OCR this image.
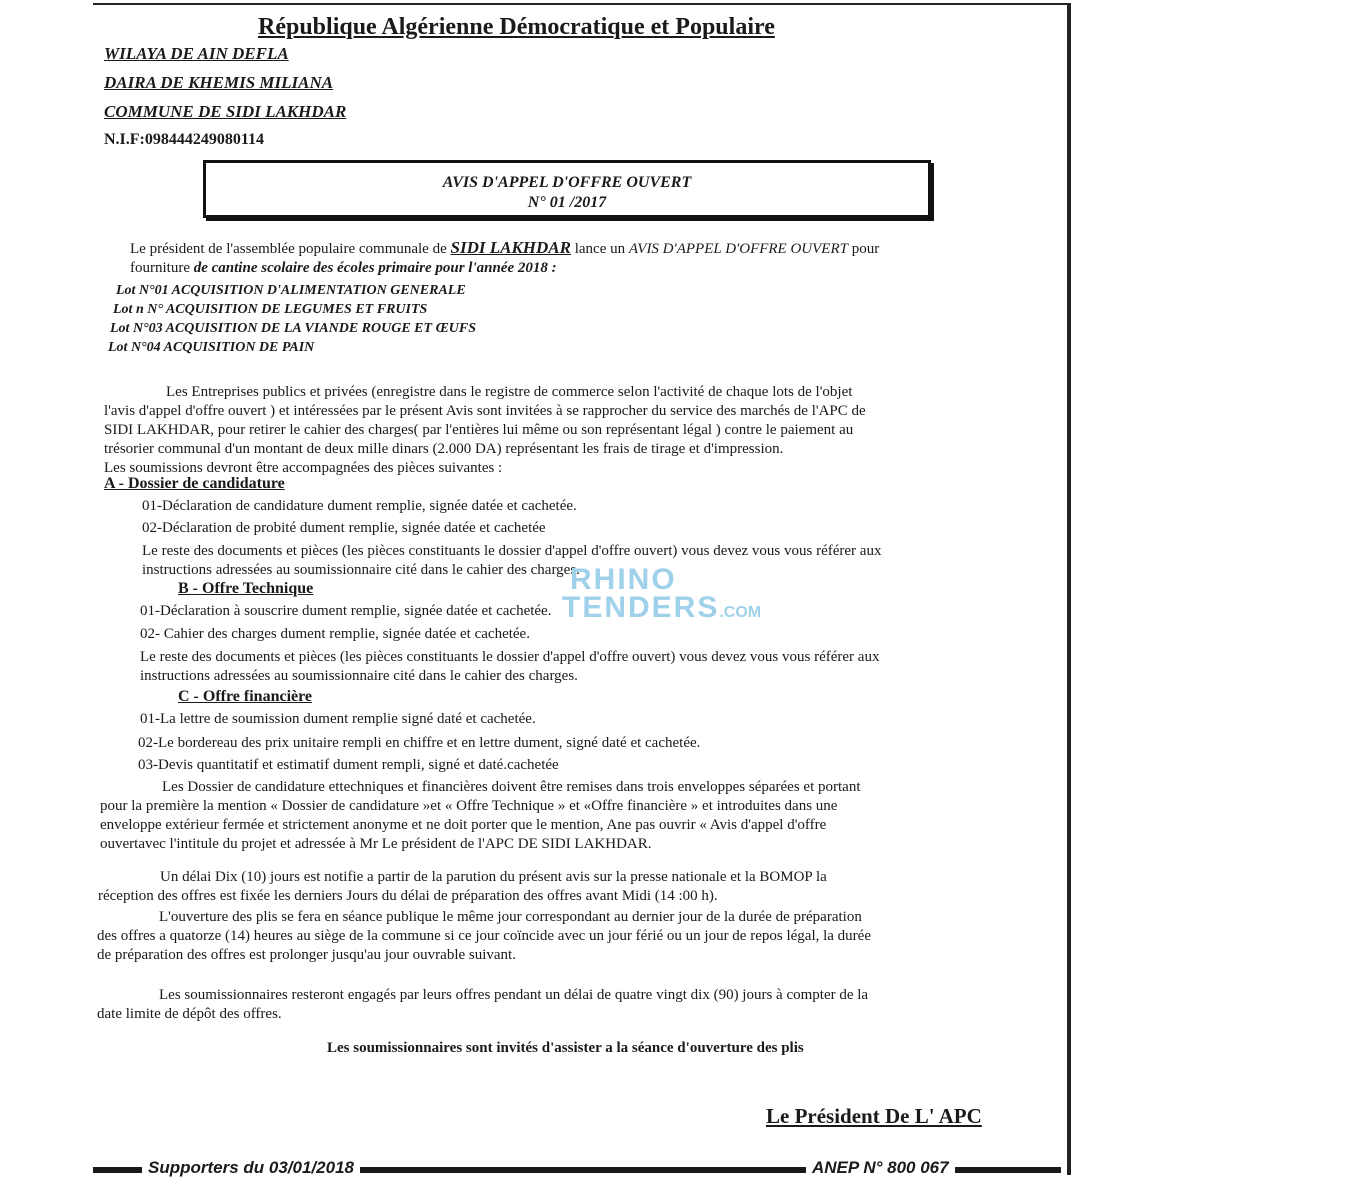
République Algérienne Démocratique et Populaire
WILAYA DE AIN DEFLA
DAIRA DE KHEMIS MILIANA
COMMUNE DE SIDI LAKHDAR
N.I.F:098444249080114
AVIS D'APPEL D'OFFRE OUVERT
N° 01 /2017
Le président de l'assemblée populaire communale de SIDI LAKHDAR lance un AVIS D'APPEL D'OFFRE OUVERT pour
fourniture de cantine scolaire des écoles primaire pour l'année 2018 :
Lot N°01 ACQUISITION D'ALIMENTATION GENERALE
Lot n N° ACQUISITION DE LEGUMES ET FRUITS
Lot N°03 ACQUISITION DE LA VIANDE ROUGE ET ŒUFS
Lot N°04 ACQUISITION DE PAIN
Les Entreprises publics et privées (enregistre dans le registre de commerce selon l'activité de chaque lots de l'objet
l'avis d'appel d'offre ouvert ) et intéressées par le présent Avis sont invitées à se rapprocher du service des marchés de l'APC de
SIDI LAKHDAR, pour retirer le cahier des charges( par l'entières lui même ou son représentant légal ) contre le paiement au
trésorier communal d'un montant de deux mille dinars (2.000 DA) représentant les frais de tirage et d'impression.
Les soumissions devront être accompagnées des pièces suivantes :
A - Dossier de candidature
01-Déclaration de candidature dument remplie, signée datée et cachetée.
02-Déclaration de probité dument remplie, signée datée et cachetée
Le reste des documents et pièces (les pièces constituants le dossier d'appel d'offre ouvert) vous devez vous vous référer aux
instructions adressées au soumissionnaire cité dans le cahier des charges.
B - Offre Technique
01-Déclaration à souscrire dument remplie, signée datée et cachetée.
02- Cahier des charges dument remplie, signée datée et cachetée.
Le reste des documents et pièces (les pièces constituants le dossier d'appel d'offre ouvert) vous devez vous vous référer aux
instructions adressées au soumissionnaire cité dans le cahier des charges.
C - Offre financière
01-La lettre de soumission dument remplie signé daté et cachetée.
02-Le bordereau des prix unitaire rempli en chiffre et en lettre dument, signé daté et cachetée.
03-Devis quantitatif et estimatif dument rempli, signé et daté.cachetée
Les Dossier de candidature ettechniques et financières doivent être remises dans trois enveloppes séparées et portant
pour la première la mention « Dossier de candidature »et « Offre Technique » et «Offre financière » et introduites dans une
enveloppe extérieur fermée et strictement anonyme et ne doit porter que le mention, Ane pas ouvrir « Avis d'appel d'offre
ouvertavec l'intitule du projet et adressée à Mr Le président de l'APC DE SIDI LAKHDAR.
Un délai Dix (10) jours est notifie a partir de la parution du présent avis sur la presse nationale et la BOMOP la
réception des offres est fixée les derniers Jours du délai de préparation des offres avant Midi (14 :00 h).
L'ouverture des plis se fera en séance publique le même jour correspondant au dernier jour de la durée de préparation
des offres a quatorze (14) heures au siège de la commune si ce jour coïncide avec un jour férié ou un jour de repos légal, la durée
de préparation des offres est prolonger jusqu'au jour ouvrable suivant.
Les soumissionnaires resteront engagés par leurs offres pendant un délai de quatre vingt dix (90) jours à compter de la
date limite de dépôt des offres.
Les soumissionnaires sont invités d'assister a la séance d'ouverture des plis
Le Président De L' APC
RHINO
TENDERS.COM
Supporters du 03/01/2018	ANEP N° 800 067
